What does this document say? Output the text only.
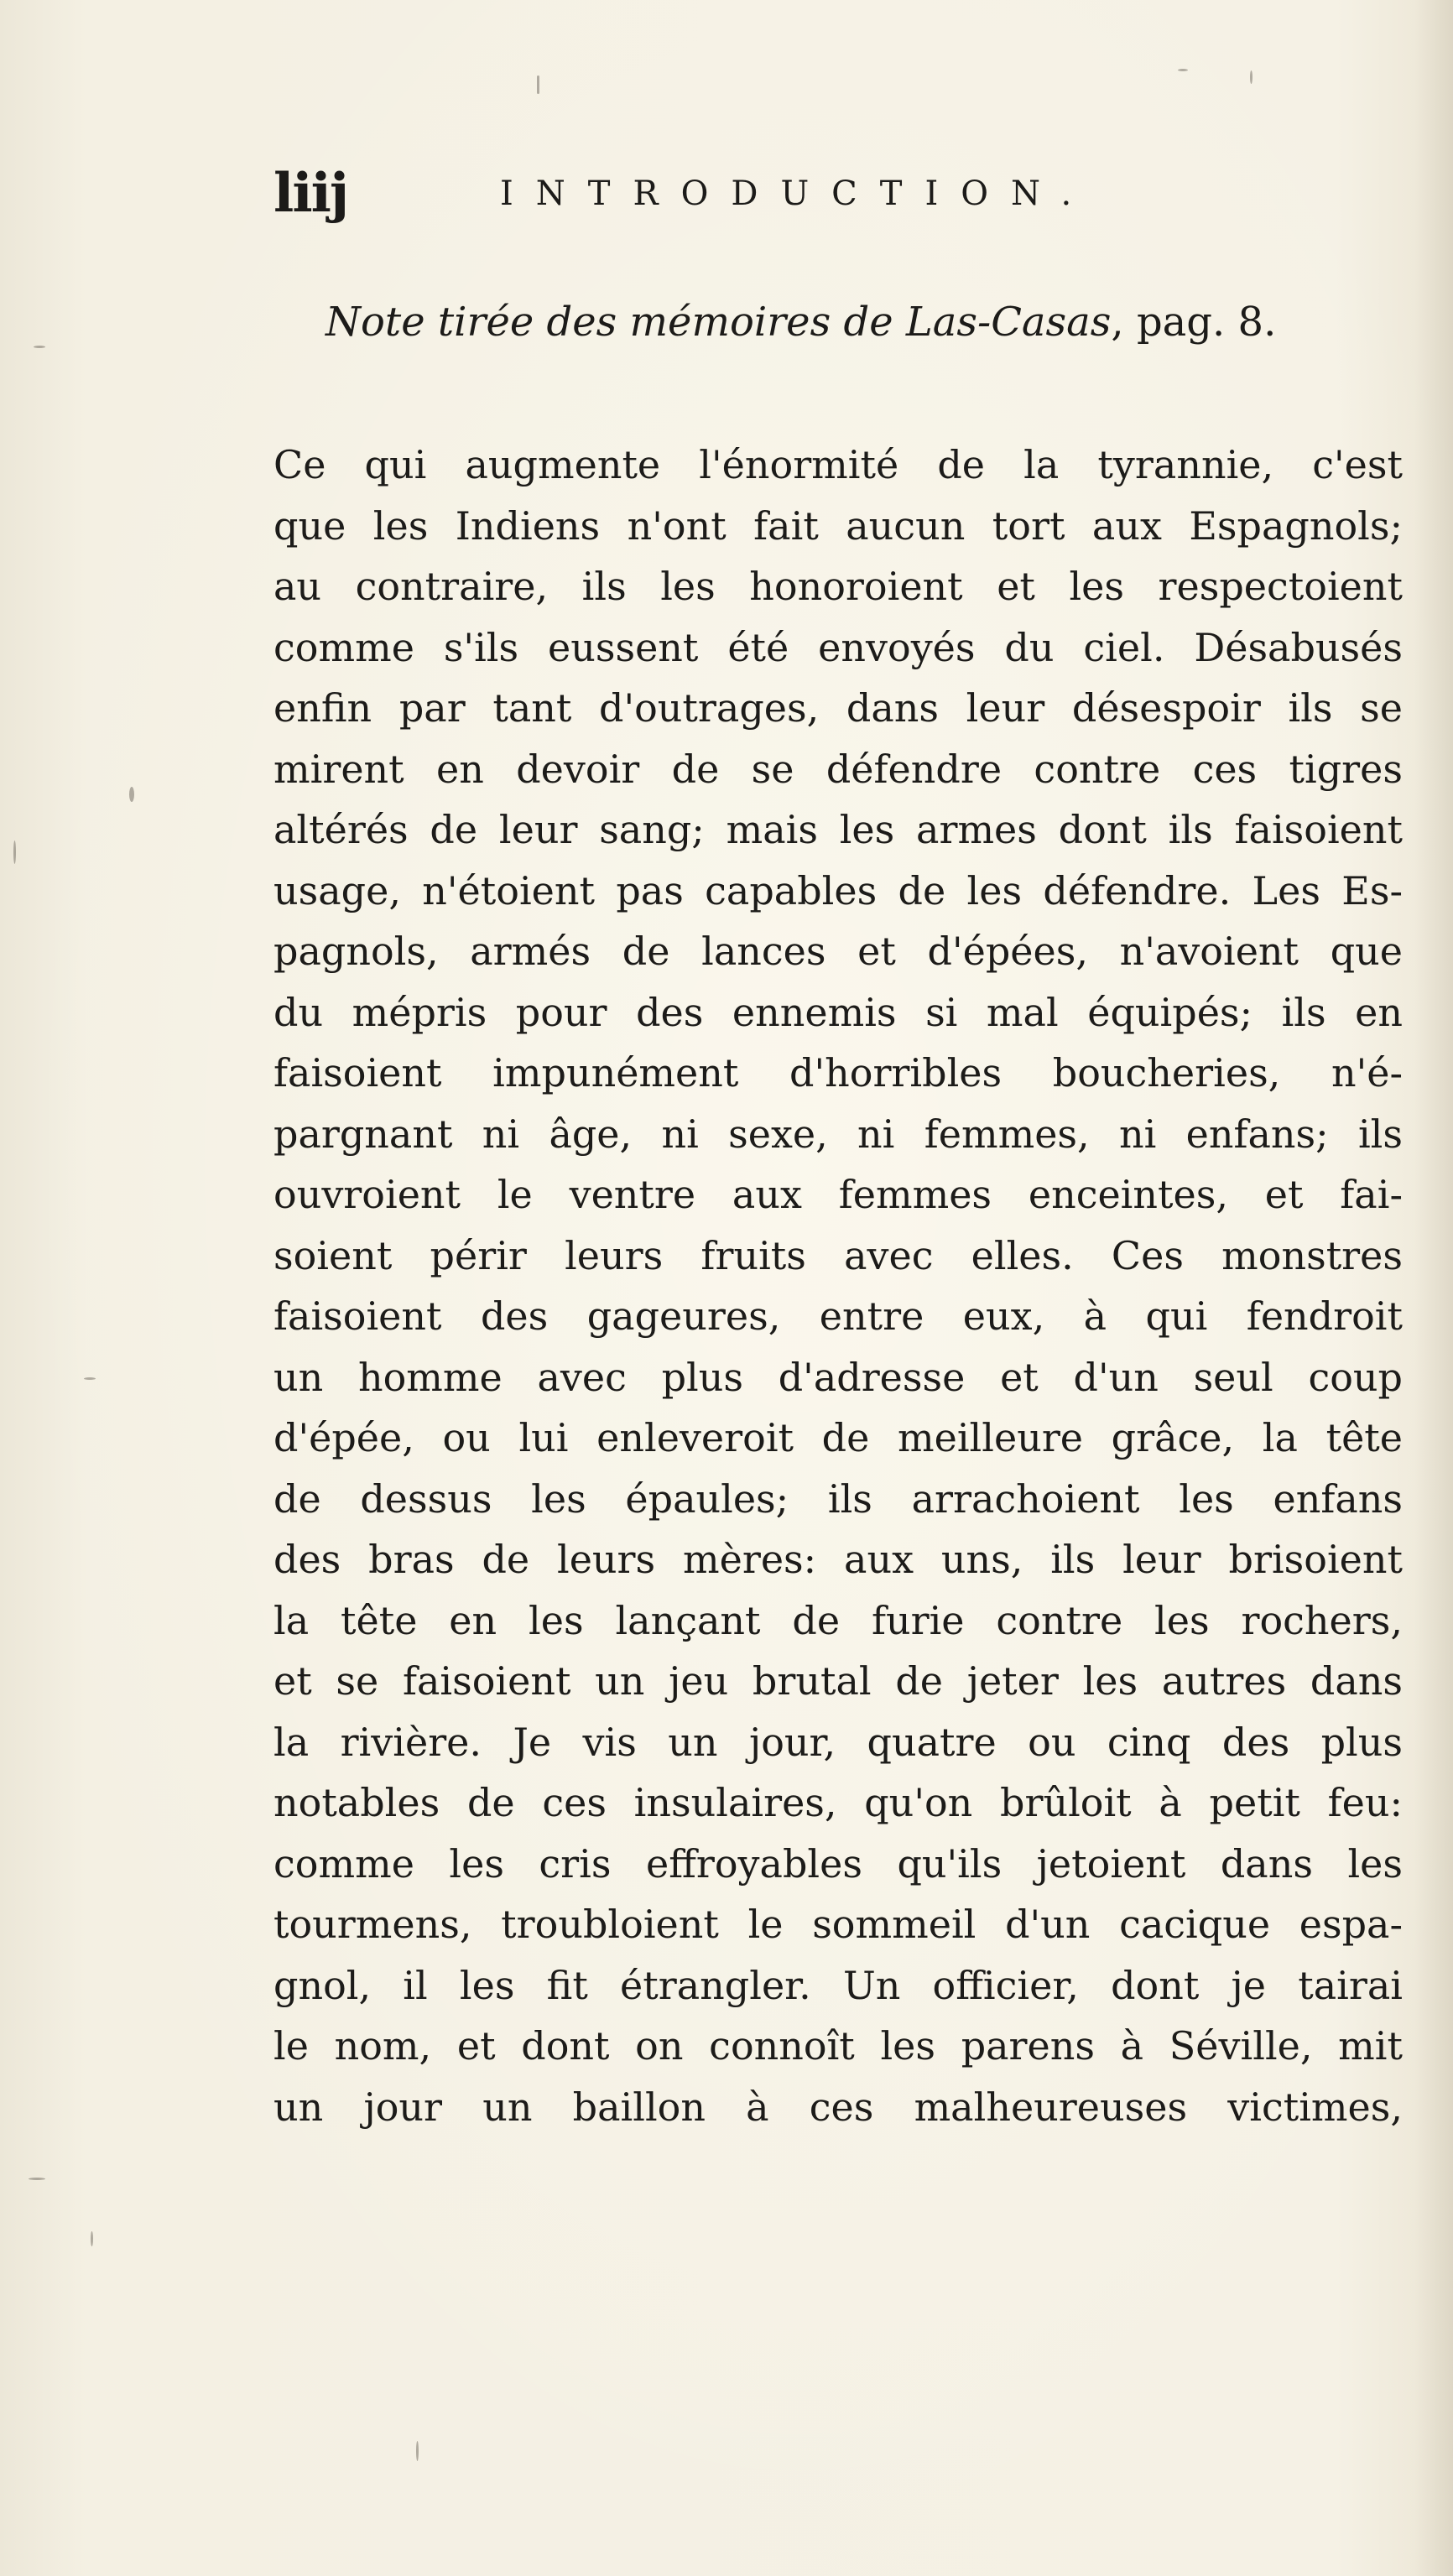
liij	INTRODUCTION.
Note tirée des mémoires de Las-Casas, pag. 8.
Ce qui augmente l'énormité de la tyrannie, c'est
que les Indiens n'ont fait aucun tort aux Espagnols;
au contraire, ils les honoroient et les respectoient
comme s'ils eussent été envoyés du ciel. Désabusés
enfin par tant d'outrages, dans leur désespoir ils se
mirent en devoir de se défendre contre ces tigres
altérés de leur sang; mais les armes dont ils faisoient
usage, n'étoient pas capables de les défendre. Les Es-
pagnols, armés de lances et d'épées, n'avoient que
du mépris pour des ennemis si mal équipés; ils en
faisoient impunément d'horribles boucheries, n'é-
pargnant ni âge, ni sexe, ni femmes, ni enfans; ils
ouvroient le ventre aux femmes enceintes, et fai-
soient périr leurs fruits avec elles. Ces monstres
faisoient des gageures, entre eux, à qui fendroit
un homme avec plus d'adresse et d'un seul coup
d'épée, ou lui enleveroit de meilleure grâce, la tête
de dessus les épaules; ils arrachoient les enfans
des bras de leurs mères: aux uns, ils leur brisoient
la tête en les lançant de furie contre les rochers,
et se faisoient un jeu brutal de jeter les autres dans
la rivière. Je vis un jour, quatre ou cinq des plus
notables de ces insulaires, qu'on brûloit à petit feu:
comme les cris effroyables qu'ils jetoient dans les
tourmens, troubloient le sommeil d'un cacique espa-
gnol, il les fit étrangler. Un officier, dont je tairai
le nom, et dont on connoît les parens à Séville, mit
un jour un baillon à ces malheureuses victimes,
